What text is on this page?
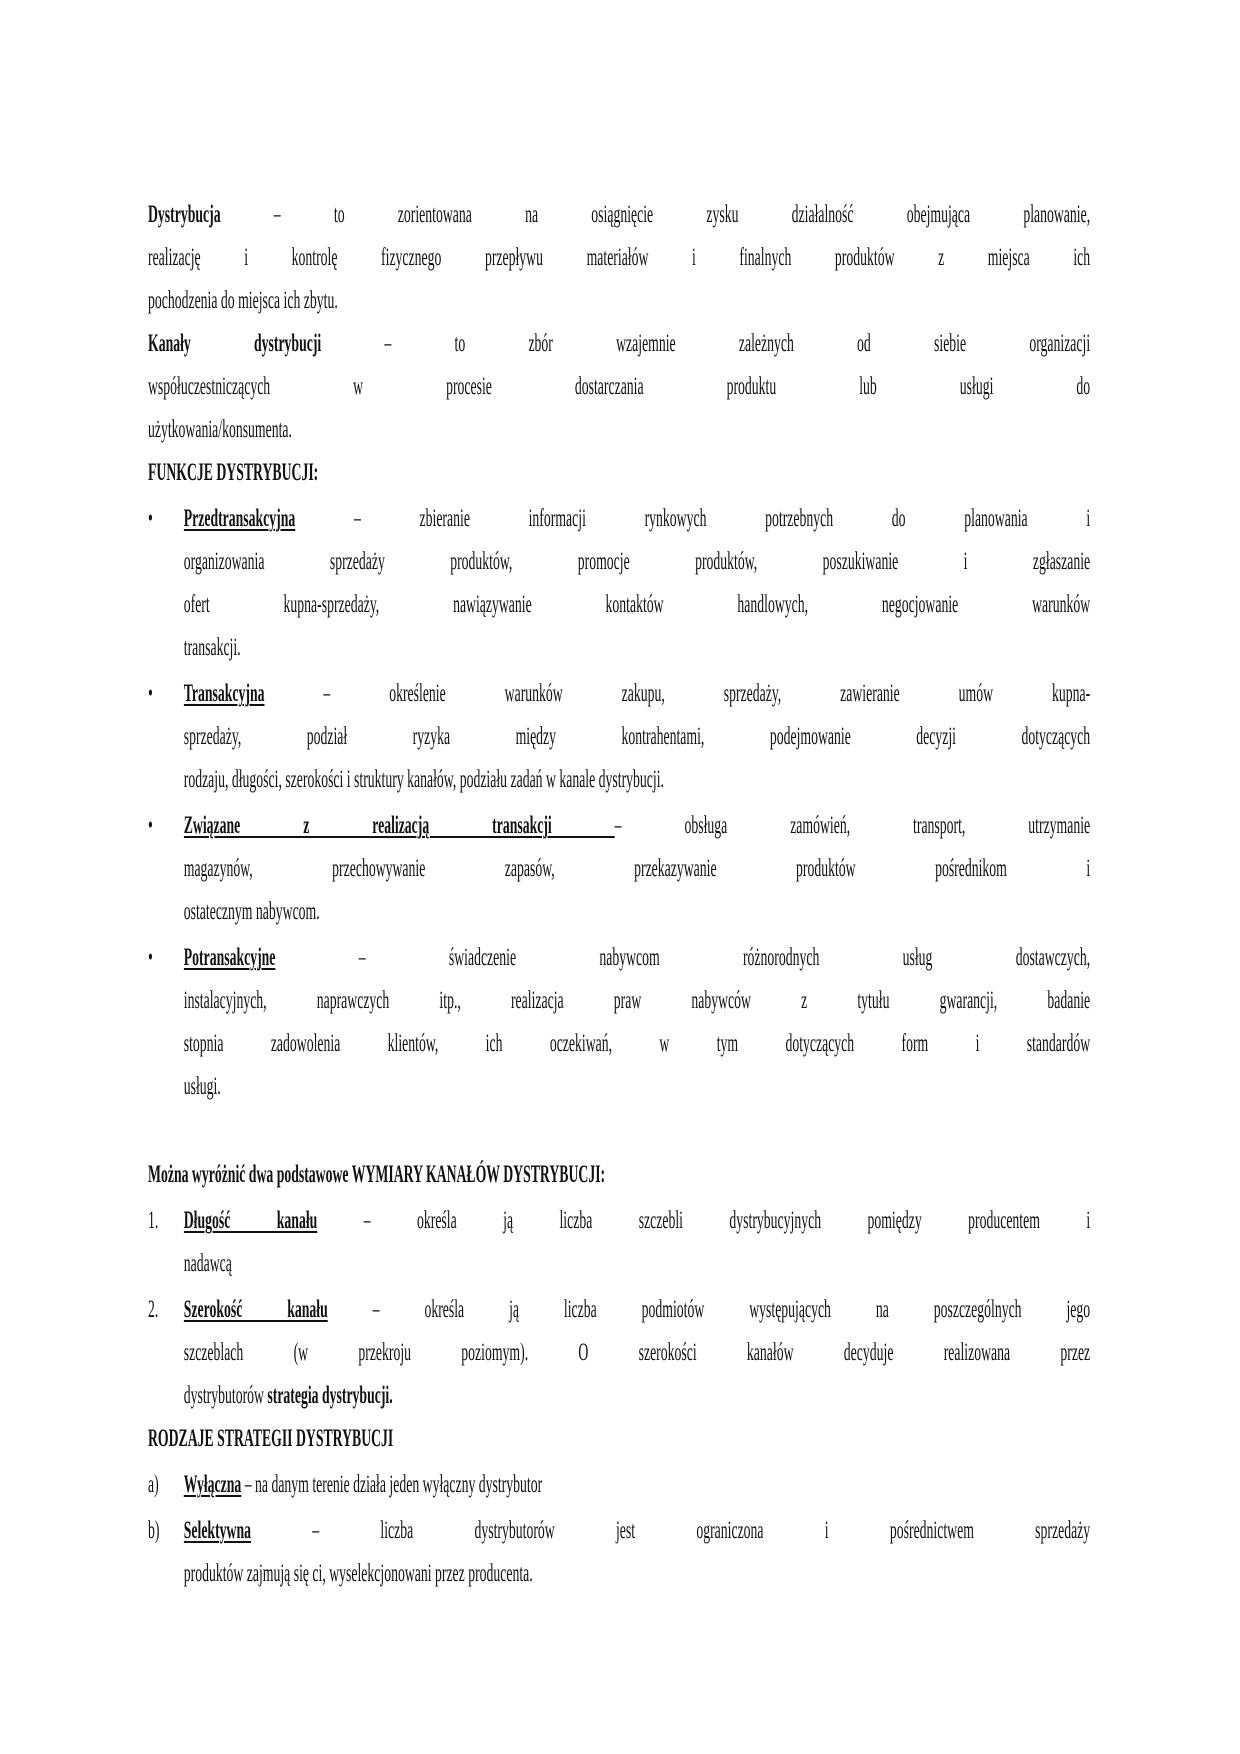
Dystrybucja – to zorientowana na osiągnięcie zysku działalność obejmująca planowanie,
realizację i kontrolę fizycznego przepływu materiałów i finalnych produktów z miejsca ich
pochodzenia do miejsca ich zbytu.
Kanały dystrybucji – to zbór wzajemnie zależnych od siebie organizacji
współuczestniczących w procesie dostarczania produktu lub usługi do
użytkowania/konsumenta.
FUNKCJE DYSTRYBUCJI:
• Przedtransakcyjna – zbieranie informacji rynkowych potrzebnych do planowania i
organizowania sprzedaży produktów, promocje produktów, poszukiwanie i zgłaszanie
ofert kupna-sprzedaży, nawiązywanie kontaktów handlowych, negocjowanie warunków
transakcji.
• Transakcyjna – określenie warunków zakupu, sprzedaży, zawieranie umów kupna-
sprzedaży, podział ryzyka między kontrahentami, podejmowanie decyzji dotyczących
rodzaju, długości, szerokości i struktury kanałów, podziału zadań w kanale dystrybucji.
• Związane z realizacją transakcji – obsługa zamówień, transport, utrzymanie
magazynów, przechowywanie zapasów, przekazywanie produktów pośrednikom i
ostatecznym nabywcom.
• Potransakcyjne – świadczenie nabywcom różnorodnych usług dostawczych,
instalacyjnych, naprawczych itp., realizacja praw nabywców z tytułu gwarancji, badanie
stopnia zadowolenia klientów, ich oczekiwań, w tym dotyczących form i standardów
usługi.
Można wyróżnić dwa podstawowe WYMIARY KANAŁÓW DYSTRYBUCJI:
1. Długość kanału – określa ją liczba szczebli dystrybucyjnych pomiędzy producentem i
nadawcą
2. Szerokość kanału – określa ją liczba podmiotów występujących na poszczególnych jego
szczeblach (w przekroju poziomym). O szerokości kanałów decyduje realizowana przez
dystrybutorów strategia dystrybucji.
RODZAJE STRATEGII DYSTRYBUCJI
a) Wyłączna – na danym terenie działa jeden wyłączny dystrybutor
b) Selektywna – liczba dystrybutorów jest ograniczona i pośrednictwem sprzedaży
produktów zajmują się ci, wyselekcjonowani przez producenta.
